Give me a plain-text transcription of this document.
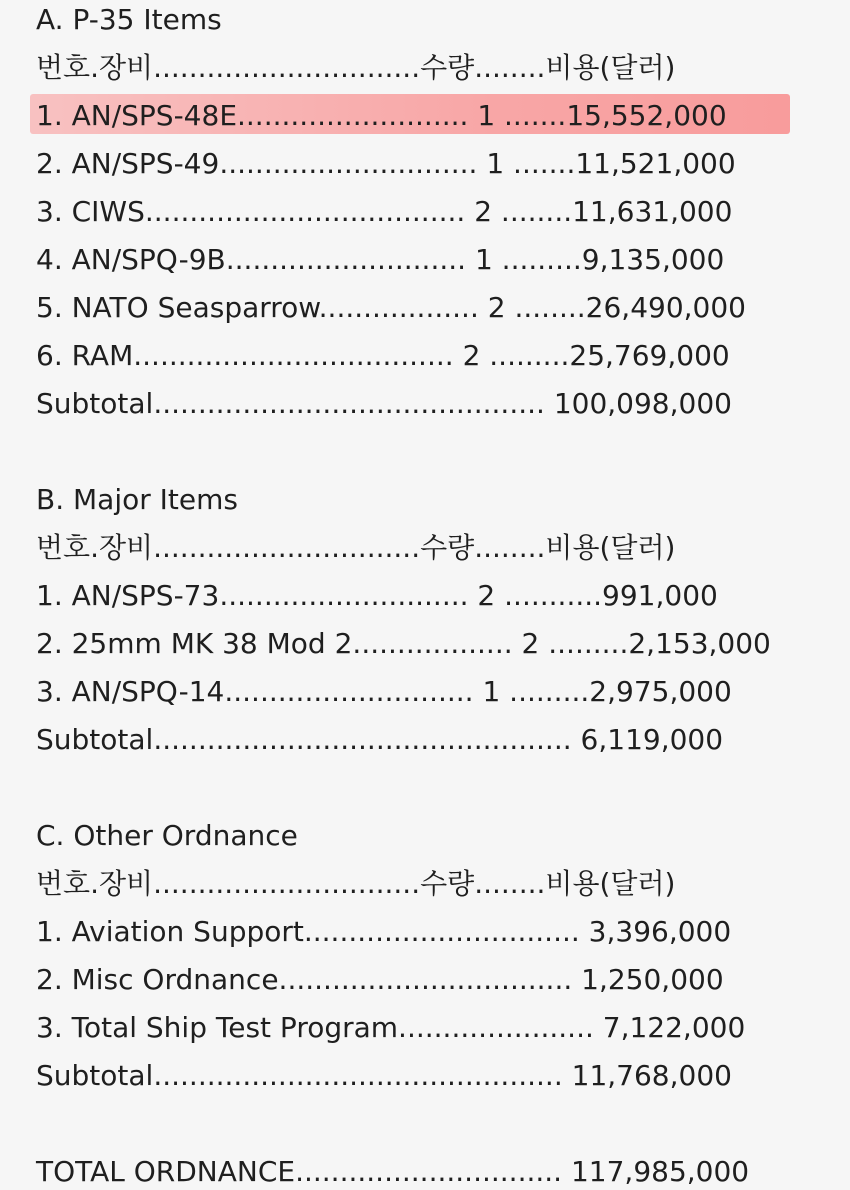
A. P-35 Items
번호.장비..............................수량........비용(달러)
1. AN/SPS-48E.......................... 1 .......15,552,000
2. AN/SPS-49............................. 1 .......11,521,000
3. CIWS.................................... 2 ........11,631,000
4. AN/SPQ-9B........................... 1 .........9,135,000
5. NATO Seasparrow.................. 2 ........26,490,000
6. RAM.................................... 2 .........25,769,000
Subtotal............................................ 100,098,000
B. Major Items
번호.장비..............................수량........비용(달러)
1. AN/SPS-73............................ 2 ...........991,000
2. 25mm MK 38 Mod 2.................. 2 .........2,153,000
3. AN/SPQ-14............................ 1 .........2,975,000
Subtotal............................................... 6,119,000
C. Other Ordnance
번호.장비..............................수량........비용(달러)
1. Aviation Support............................... 3,396,000
2. Misc Ordnance................................. 1,250,000
3. Total Ship Test Program...................... 7,122,000
Subtotal.............................................. 11,768,000
TOTAL ORDNANCE.............................. 117,985,000
